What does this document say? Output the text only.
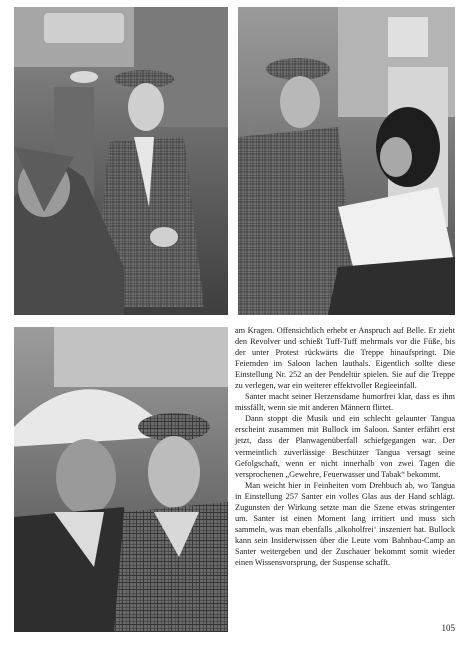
am Kragen. Offensichtlich erhebt er Anspruch auf Belle. Er zieht den Revolver und schießt Tuff-Tuff mehrmals vor die Füße, bis der unter Protest rückwärts die Treppe hinaufspringt. Die Feiernden im Saloon lachen lauthals. Eigentlich sollte diese Einstellung Nr. 252 an der Pendeltür spielen. Sie auf die Treppe zu verlegen, war ein weiterer effektvoller Regieeinfall.

Santer macht seiner Herzensdame humorfrei klar, dass es ihm missfällt, wenn sie mit anderen Männern flirtet.

Dann stoppt die Musik und ein schlecht gelaunter Tangua erscheint zusammen mit Bullock im Saloon. Santer erfährt erst jetzt, dass der Planwagenüberfall schiefgegangen war. Der vermeintlich zuverlässige Beschützer Tangua versagt seine Gefolgschaft, wenn er nicht innerhalb von zwei Tagen die versprochenen „Gewehre, Feuerwasser und Tabak“ bekommt.

Man weicht hier in Feinheiten vom Drehbuch ab, wo Tangua in Einstellung 257 Santer ein volles Glas aus der Hand schlägt. Zugunsten der Wirkung setzte man die Szene etwas stringenter um. Santer ist einen Moment lang irritiert und muss sich sammeln, was man ebenfalls ‚alkoholfrei‘ inszeniert hat. Bullock kann sein Insiderwissen über die Leute vom Bahnbau-Camp an Santer weitergeben und der Zuschauer bekommt somit wieder einen Wissensvorsprung, der Suspense schafft.

105
